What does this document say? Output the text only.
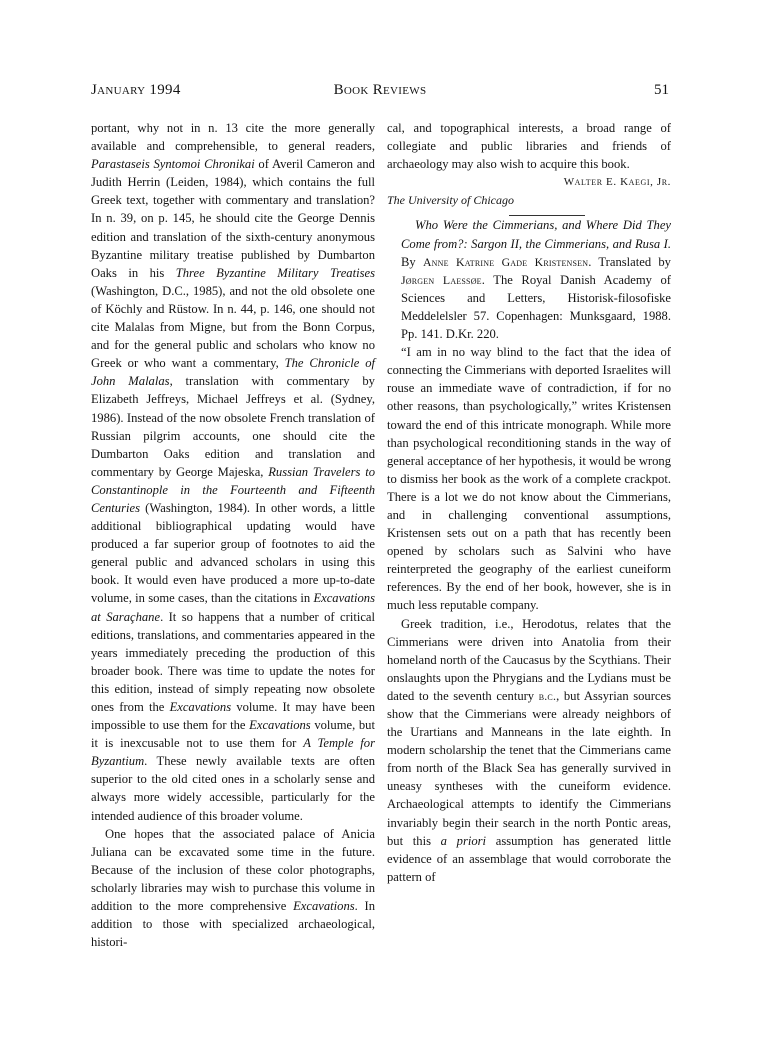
January 1994	Book Reviews	51

portant, why not in n. 13 cite the more generally available and comprehensible, to general readers, Parastaseis Syntomoi Chronikai of Averil Cameron and Judith Herrin (Leiden, 1984), which contains the full Greek text, together with commentary and translation? In n. 39, on p. 145, he should cite the George Dennis edition and translation of the sixth-century anonymous Byzantine military treatise published by Dumbarton Oaks in his Three Byzantine Military Treatises (Washington, D.C., 1985), and not the old obsolete one of Köchly and Rüstow. In n. 44, p. 146, one should not cite Malalas from Migne, but from the Bonn Corpus, and for the general public and scholars who know no Greek or who want a commentary, The Chronicle of John Malalas, translation with commentary by Elizabeth Jeffreys, Michael Jeffreys et al. (Sydney, 1986). Instead of the now obsolete French translation of Russian pilgrim accounts, one should cite the Dumbarton Oaks edition and translation and commentary by George Majeska, Russian Travelers to Constantinople in the Fourteenth and Fifteenth Centuries (Washington, 1984). In other words, a little additional bibliographical updating would have produced a far superior group of footnotes to aid the general public and advanced scholars in using this book. It would even have produced a more up-to-date volume, in some cases, than the citations in Excavations at Saraçhane. It so happens that a number of critical editions, translations, and commentaries appeared in the years immediately preceding the production of this broader book. There was time to update the notes for this edition, instead of simply repeating now obsolete ones from the Excavations volume. It may have been impossible to use them for the Excavations volume, but it is inexcusable not to use them for A Temple for Byzantium. These newly available texts are often superior to the old cited ones in a scholarly sense and always more widely accessible, particularly for the intended audience of this broader volume.

One hopes that the associated palace of Anicia Juliana can be excavated some time in the future. Because of the inclusion of these color photographs, scholarly libraries may wish to purchase this volume in addition to the more comprehensive Excavations. In addition to those with specialized archaeological, histori-

cal, and topographical interests, a broad range of collegiate and public libraries and friends of archaeology may also wish to acquire this book.

Walter E. Kaegi, Jr.

The University of Chicago

Who Were the Cimmerians, and Where Did They Come from?: Sargon II, the Cimmerians, and Rusa I. By Anne Katrine Gade Kristensen. Translated by Jørgen Laessøe. The Royal Danish Academy of Sciences and Letters, Historisk-filosofiske Meddelelsler 57. Copenhagen: Munksgaard, 1988. Pp. 141. D.Kr. 220.

“I am in no way blind to the fact that the idea of connecting the Cimmerians with deported Israelites will rouse an immediate wave of contradiction, if for no other reasons, than psychologically,” writes Kristensen toward the end of this intricate monograph. While more than psychological reconditioning stands in the way of general acceptance of her hypothesis, it would be wrong to dismiss her book as the work of a complete crackpot. There is a lot we do not know about the Cimmerians, and in challenging conventional assumptions, Kristensen sets out on a path that has recently been opened by scholars such as Salvini who have reinterpreted the geography of the earliest cuneiform references. By the end of her book, however, she is in much less reputable company.

Greek tradition, i.e., Herodotus, relates that the Cimmerians were driven into Anatolia from their homeland north of the Caucasus by the Scythians. Their onslaughts upon the Phrygians and the Lydians must be dated to the seventh century b.c., but Assyrian sources show that the Cimmerians were already neighbors of the Urartians and Manneans in the late eighth. In modern scholarship the tenet that the Cimmerians came from north of the Black Sea has generally survived in uneasy syntheses with the cuneiform evidence. Archaeological attempts to identify the Cimmerians invariably begin their search in the north Pontic areas, but this a priori assumption has generated little evidence of an assemblage that would corroborate the pattern of
